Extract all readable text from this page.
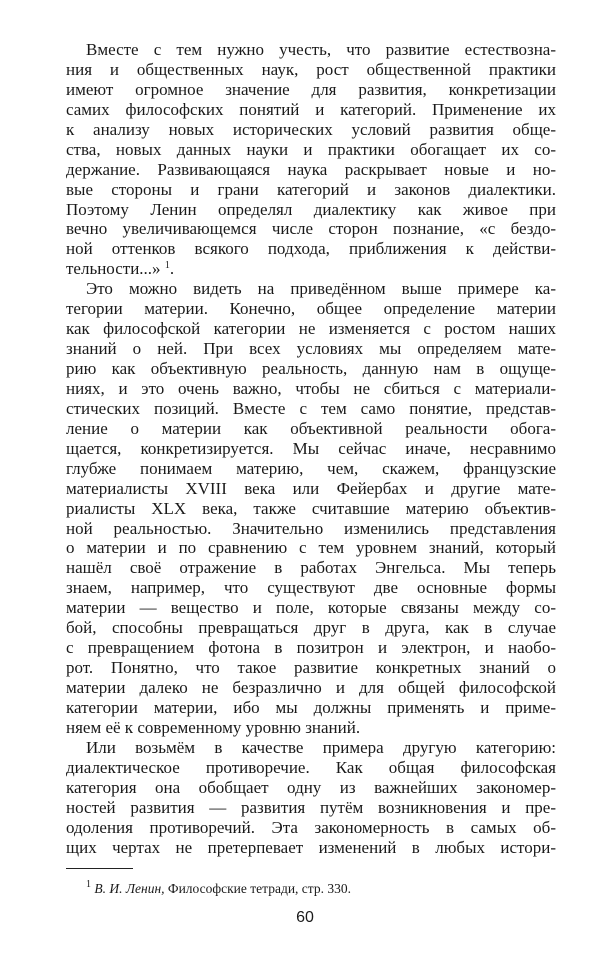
Вместе с тем нужно учесть, что развитие естествозна-
ния и общественных наук, рост общественной практики
имеют огромное значение для развития, конкретизации
самих философских понятий и категорий. Применение их
к анализу новых исторических условий развития обще-
ства, новых данных науки и практики обогащает их со-
держание. Развивающаяся наука раскрывает новые и но-
вые стороны и грани категорий и законов диалектики.
Поэтому Ленин определял диалектику как живое при
вечно увеличивающемся числе сторон познание, «с бездо-
ной оттенков всякого подхода, приближения к действи-
тельности...» $^1$.
Это можно видеть на приведённом выше примере ка-
тегории материи. Конечно, общее определение материи
как философской категории не изменяется с ростом наших
знаний о ней. При всех условиях мы определяем мате-
рию как объективную реальность, данную нам в ощуще-
ниях, и это очень важно, чтобы не сбиться с материали-
стических позиций. Вместе с тем само понятие, представ-
ление о материи как объективной реальности обога-
щается, конкретизируется. Мы сейчас иначе, несравнимо
глубже понимаем материю, чем, скажем, французские
материалисты XVIII века или Фейербах и другие мате-
риалисты XLX века, также считавшие материю объектив-
ной реальностью. Значительно изменились представления
о материи и по сравнению с тем уровнем знаний, который
нашёл своё отражение в работах Энгельса. Мы теперь
знаем, например, что существуют две основные формы
материи — вещество и поле, которые связаны между со-
бой, способны превращаться друг в друга, как в случае
с превращением фотона в позитрон и электрон, и наобо-
рот. Понятно, что такое развитие конкретных знаний о
материи далеко не безразлично и для общей философской
категории материи, ибо мы должны применять и приме-
няем её к современному уровню знаний.
Или возьмём в качестве примера другую категорию:
диалектическое противоречие. Как общая философская
категория она обобщает одну из важнейших закономер-
ностей развития — развития путём возникновения и пре-
одоления противоречий. Эта закономерность в самых об-
щих чертах не претерпевает изменений в любых истори-
$^1$ В. И. Ленин, Философские тетради, стр. 330.
60
